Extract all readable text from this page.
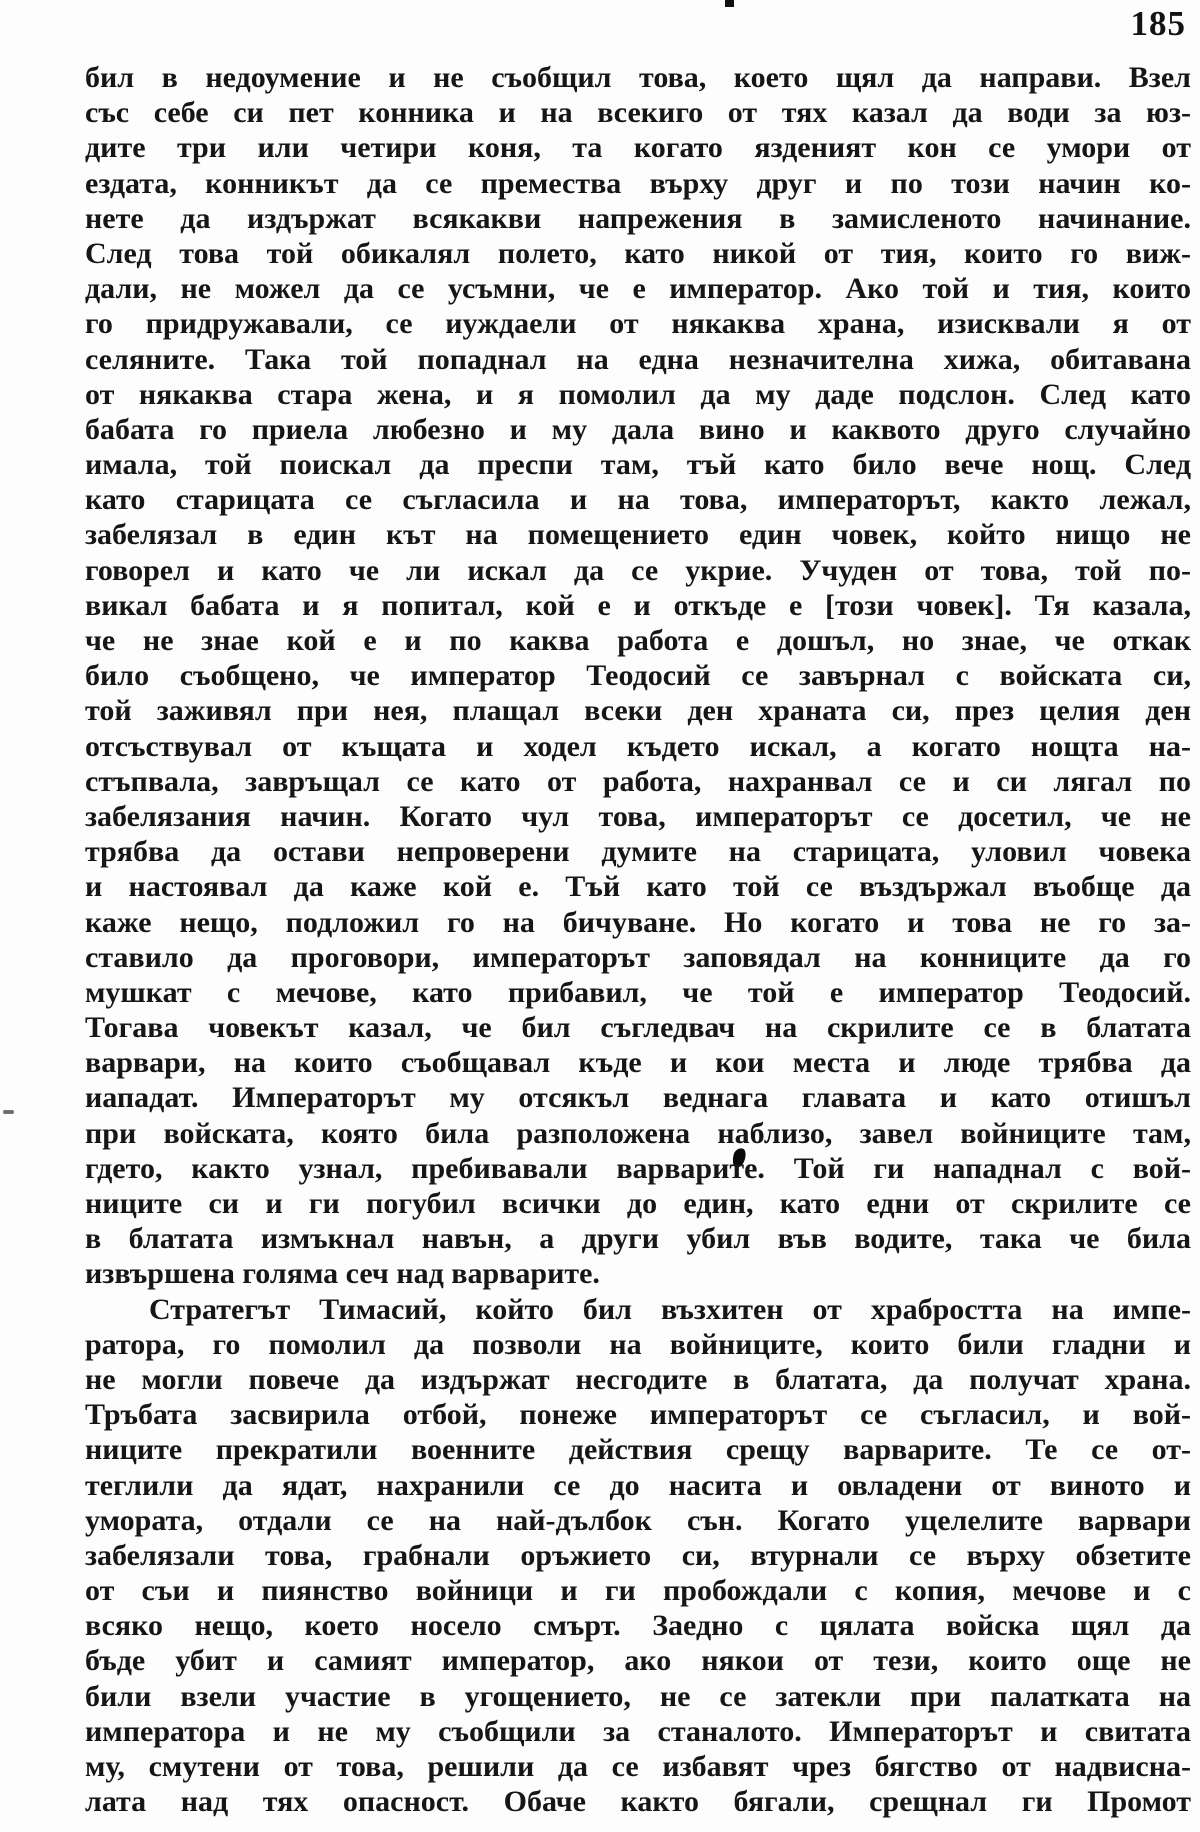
185
бил в недоумение и не съобщил това, което щял да направи. Взел
със себе си пет конника и на всекиго от тях казал да води за юз-
дите три или четири коня, та когато язденият кон се умори от
ездата, конникът да се премества върху друг и по този начин ко-
нете да издържат всякакви напрежения в замисленото начинание.
След това той обикалял полето, като никой от тия, които го виж-
дали, не можел да се усъмни, че е император. Ако той и тия, които
го придружавали, се иуждаели от някаква храна, изисквали я от
селяните. Така той попаднал на една незначителна хижа, обитавана
от някаква стара жена, и я помолил да му даде подслон. След като
бабата го приела любезно и му дала вино и каквото друго случайно
имала, той поискал да преспи там, тъй като било вече нощ. След
като старицата се съгласила и на това, императорът, както лежал,
забелязал в един кът на помещението един човек, който нищо не
говорел и като че ли искал да се укрие. Учуден от това, той по-
викал бабата и я попитал, кой е и откъде е [този човек]. Тя казала,
че не знае кой е и по каква работа е дошъл, но знае, че откак
било съобщено, че император Теодосий се завърнал с войската си,
той заживял при нея, плащал всеки ден храната си, през целия ден
отсъствувал от къщата и ходел където искал, а когато нощта на-
стъпвала, завръщал се като от работа, нахранвал се и си лягал по
забелязания начин. Когато чул това, императорът се досетил, че не
трябва да остави непроверени думите на старицата, уловил човека
и настоявал да каже кой е. Тъй като той се въздържал въобще да
каже нещо, подложил го на бичуване. Но когато и това не го за-
ставило да проговори, императорът заповядал на конниците да го
мушкат с мечове, като прибавил, че той е император Теодосий.
Тогава човекът казал, че бил съгледвач на скрилите се в блатата
варвари, на които съобщавал къде и кои места и люде трябва да
иападат. Императорът му отсякъл веднага главата и като отишъл
при войската, която била разположена наблизо, завел войниците там,
гдето, както узнал, пребивавали варварите. Той ги нападнал с вой-
ниците си и ги погубил всички до един, като едни от скрилите се
в блатата измъкнал навън, а други убил във водите, така че била
извършена голяма сеч над варварите.
Стратегът Тимасий, който бил възхитен от храбростта на импе-
ратора, го помолил да позволи на войниците, които били гладни и
не могли повече да издържат несгодите в блатата, да получат храна.
Тръбата засвирила отбой, понеже императорът се съгласил, и вой-
ниците прекратили военните действия срещу варварите. Те се от-
теглили да ядат, нахранили се до насита и овладени от виното и
умората, отдали се на най-дълбок сън. Когато уцелелите варвари
забелязали това, грабнали оръжието си, втурнали се върху обзетите
от съи и пиянство войници и ги пробождали с копия, мечове и с
всяко нещо, което носело смърт. Заедно с цялата войска щял да
бъде убит и самият император, ако някои от тези, които още не
били взели участие в угощението, не се затекли при палатката на
императора и не му съобщили за станалото. Императорът и свитата
му, смутени от това, решили да се избавят чрез бягство от надвисна-
лата над тях опасност. Обаче както бягали, срещнал ги Промот
